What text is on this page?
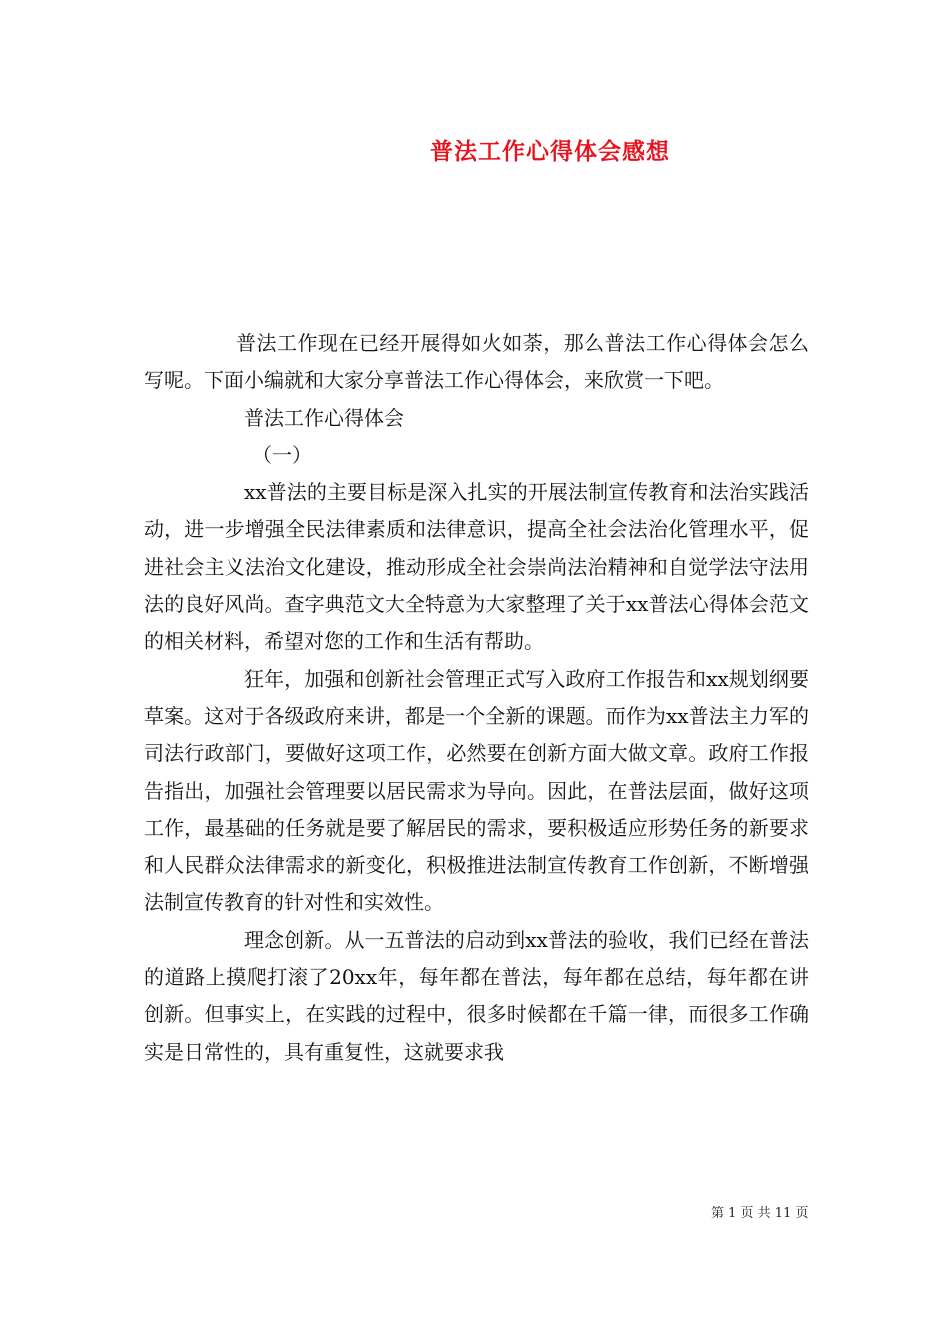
普法工作心得体会感想

普法工作现在已经开展得如火如荼，那么普法工作心得体会怎么写呢。下面小编就和大家分享普法工作心得体会，来欣赏一下吧。

普法工作心得体会

（一）

xx普法的主要目标是深入扎实的开展法制宣传教育和法治实践活动，进一步增强全民法律素质和法律意识，提高全社会法治化管理水平，促进社会主义法治文化建设，推动形成全社会崇尚法治精神和自觉学法守法用法的良好风尚。查字典范文大全特意为大家整理了关于xx普法心得体会范文的相关材料，希望对您的工作和生活有帮助。

狂年，加强和创新社会管理正式写入政府工作报告和xx规划纲要草案。这对于各级政府来讲，都是一个全新的课题。而作为xx普法主力军的司法行政部门，要做好这项工作，必然要在创新方面大做文章。政府工作报告指出，加强社会管理要以居民需求为导向。因此，在普法层面，做好这项工作，最基础的任务就是要了解居民的需求，要积极适应形势任务的新要求和人民群众法律需求的新变化，积极推进法制宣传教育工作创新，不断增强法制宣传教育的针对性和实效性。

理念创新。从一五普法的启动到xx普法的验收，我们已经在普法的道路上摸爬打滚了20xx年，每年都在普法，每年都在总结，每年都在讲创新。但事实上，在实践的过程中，很多时候都在千篇一律，而很多工作确实是日常性的，具有重复性，这就要求我

第 1 页 共 11 页
